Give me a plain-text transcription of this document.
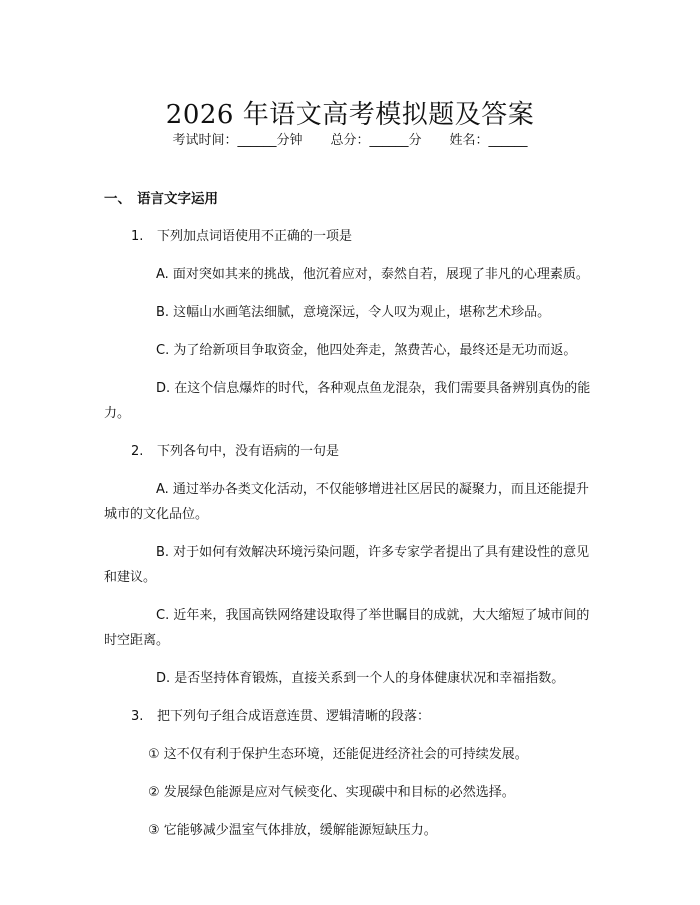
2026 年语文高考模拟题及答案
考试时间：______分钟 总分：______分 姓名：______
一、 语言文字运用
1. 下列加点词语使用不正确的一项是
A. 面对突如其来的挑战，他沉着应对，泰然自若，展现了非凡的心理素质。
B. 这幅山水画笔法细腻，意境深远，令人叹为观止，堪称艺术珍品。
C. 为了给新项目争取资金，他四处奔走，煞费苦心，最终还是无功而返。
D. 在这个信息爆炸的时代，各种观点鱼龙混杂，我们需要具备辨别真伪的能力。
2. 下列各句中，没有语病的一句是
A. 通过举办各类文化活动，不仅能够增进社区居民的凝聚力，而且还能提升城市的文化品位。
B. 对于如何有效解决环境污染问题，许多专家学者提出了具有建设性的意见和建议。
C. 近年来，我国高铁网络建设取得了举世瞩目的成就，大大缩短了城市间的时空距离。
D. 是否坚持体育锻炼，直接关系到一个人的身体健康状况和幸福指数。
3. 把下列句子组合成语意连贯、逻辑清晰的段落：
① 这不仅有利于保护生态环境，还能促进经济社会的可持续发展。
② 发展绿色能源是应对气候变化、实现碳中和目标的必然选择。
③ 它能够减少温室气体排放，缓解能源短缺压力。
